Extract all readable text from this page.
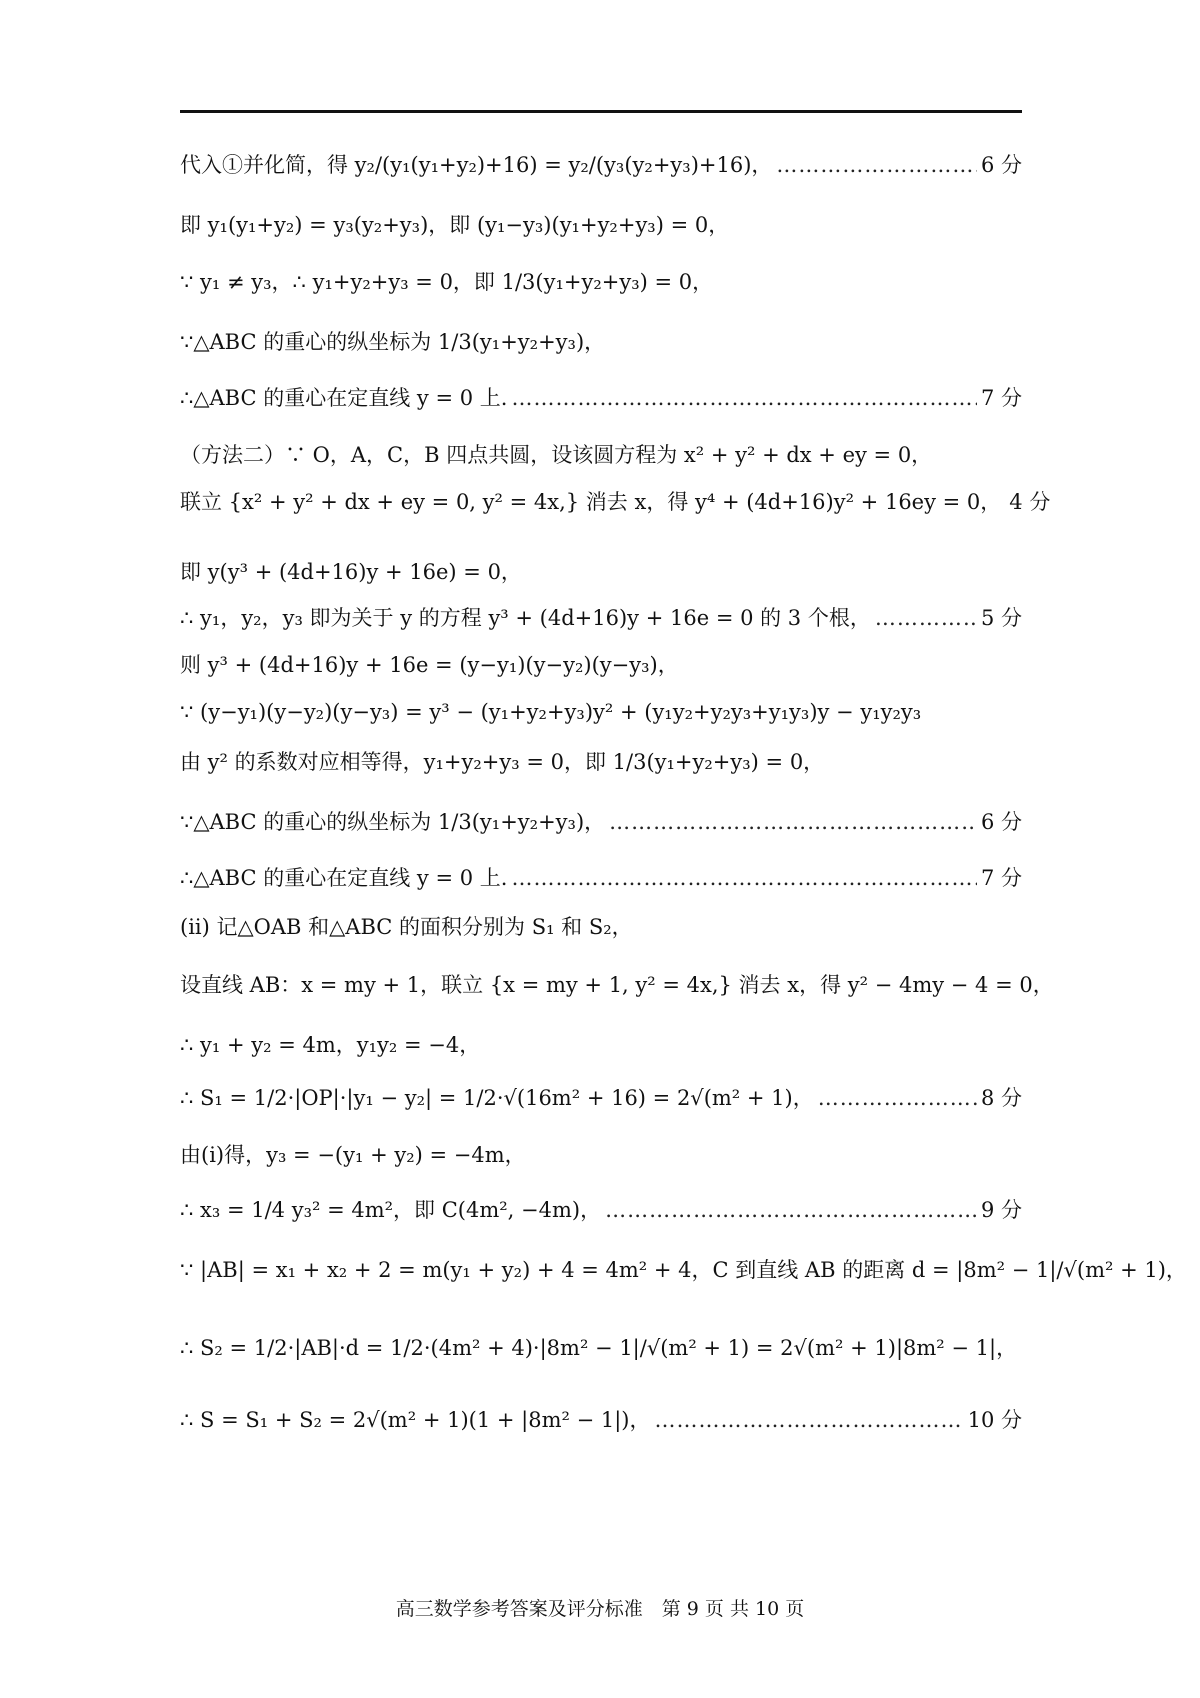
代入①并化简，得 y₂/(y₁(y₁+y₂)+16) = y₂/(y₃(y₂+y₃)+16)， …………………………………………………………………………………………………………………………………………	6 分
即 y₁(y₁+y₂) = y₃(y₂+y₃)，即 (y₁−y₃)(y₁+y₂+y₃) = 0，
∵ y₁ ≠ y₃，∴ y₁+y₂+y₃ = 0，即 1/3(y₁+y₂+y₃) = 0，
∵△ABC 的重心的纵坐标为 1/3(y₁+y₂+y₃)，
∴△ABC 的重心在定直线 y = 0 上. …………………………………………………………………………………………………………………………………………	7 分
（方法二）∵ O，A，C，B 四点共圆，设该圆方程为 x² + y² + dx + ey = 0，
联立 {x² + y² + dx + ey = 0, y² = 4x,} 消去 x，得 y⁴ + (4d+16)y² + 16ey = 0， 4 分
即 y(y³ + (4d+16)y + 16e) = 0，
∴ y₁，y₂，y₃ 即为关于 y 的方程 y³ + (4d+16)y + 16e = 0 的 3 个根， …………………………………………………………………………………………………………………………………………	5 分
则 y³ + (4d+16)y + 16e = (y−y₁)(y−y₂)(y−y₃)，
∵ (y−y₁)(y−y₂)(y−y₃) = y³ − (y₁+y₂+y₃)y² + (y₁y₂+y₂y₃+y₁y₃)y − y₁y₂y₃
由 y² 的系数对应相等得，y₁+y₂+y₃ = 0，即 1/3(y₁+y₂+y₃) = 0，
∵△ABC 的重心的纵坐标为 1/3(y₁+y₂+y₃)， …………………………………………………………………………………………………………………………………………	6 分
∴△ABC 的重心在定直线 y = 0 上. …………………………………………………………………………………………………………………………………………	7 分
(ii) 记△OAB 和△ABC 的面积分别为 S₁ 和 S₂，
设直线 AB：x = my + 1，联立 {x = my + 1, y² = 4x,} 消去 x，得 y² − 4my − 4 = 0，
∴ y₁ + y₂ = 4m，y₁y₂ = −4，
∴ S₁ = 1/2·|OP|·|y₁ − y₂| = 1/2·√(16m² + 16) = 2√(m² + 1)， …………………………………………………………………………………………………………………………………………	8 分
由(i)得，y₃ = −(y₁ + y₂) = −4m，
∴ x₃ = 1/4 y₃² = 4m²，即 C(4m², −4m)， …………………………………………………………………………………………………………………………………………	9 分
∵ |AB| = x₁ + x₂ + 2 = m(y₁ + y₂) + 4 = 4m² + 4，C 到直线 AB 的距离 d = |8m² − 1|/√(m² + 1)，
∴ S₂ = 1/2·|AB|·d = 1/2·(4m² + 4)·|8m² − 1|/√(m² + 1) = 2√(m² + 1)|8m² − 1|，
∴ S = S₁ + S₂ = 2√(m² + 1)(1 + |8m² − 1|)， …………………………………………………………………………………………………………………………………………	10 分
高三数学参考答案及评分标准　第 9 页 共 10 页
